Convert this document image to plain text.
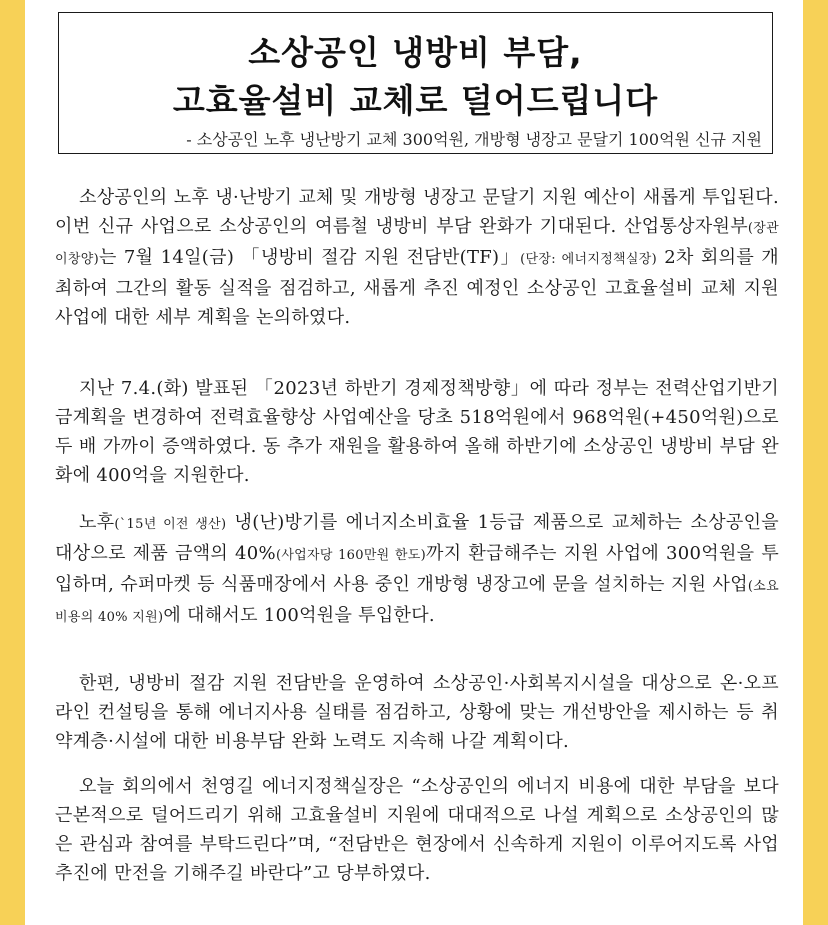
소상공인 냉방비 부담,
고효율설비 교체로 덜어드립니다
- 소상공인 노후 냉난방기 교체 300억원, 개방형 냉장고 문달기 100억원 신규 지원
소상공인의 노후 냉·난방기 교체 및 개방형 냉장고 문달기 지원 예산이 새롭게 투입된다. 이번 신규 사업으로 소상공인의 여름철 냉방비 부담 완화가 기대된다. 산업통상자원부(장관 이창양)는 7월 14일(금) 「냉방비 절감 지원 전담반(TF)」(단장: 에너지정책실장) 2차 회의를 개최하여 그간의 활동 실적을 점검하고, 새롭게 추진 예정인 소상공인 고효율설비 교체 지원사업에 대한 세부 계획을 논의하였다.
지난 7.4.(화) 발표된 「2023년 하반기 경제정책방향」에 따라 정부는 전력산업기반기금계획을 변경하여 전력효율향상 사업예산을 당초 518억원에서 968억원(+450억원)으로 두 배 가까이 증액하였다. 동 추가 재원을 활용하여 올해 하반기에 소상공인 냉방비 부담 완화에 400억을 지원한다.
노후(`15년 이전 생산) 냉(난)방기를 에너지소비효율 1등급 제품으로 교체하는 소상공인을 대상으로 제품 금액의 40%(사업자당 160만원 한도)까지 환급해주는 지원 사업에 300억원을 투입하며, 슈퍼마켓 등 식품매장에서 사용 중인 개방형 냉장고에 문을 설치하는 지원 사업(소요 비용의 40% 지원)에 대해서도 100억원을 투입한다.
한편, 냉방비 절감 지원 전담반을 운영하여 소상공인·사회복지시설을 대상으로 온·오프라인 컨설팅을 통해 에너지사용 실태를 점검하고, 상황에 맞는 개선방안을 제시하는 등 취약계층·시설에 대한 비용부담 완화 노력도 지속해 나갈 계획이다.
오늘 회의에서 천영길 에너지정책실장은 “소상공인의 에너지 비용에 대한 부담을 보다 근본적으로 덜어드리기 위해 고효율설비 지원에 대대적으로 나설 계획으로 소상공인의 많은 관심과 참여를 부탁드린다”며, “전담반은 현장에서 신속하게 지원이 이루어지도록 사업 추진에 만전을 기해주길 바란다”고 당부하였다.
